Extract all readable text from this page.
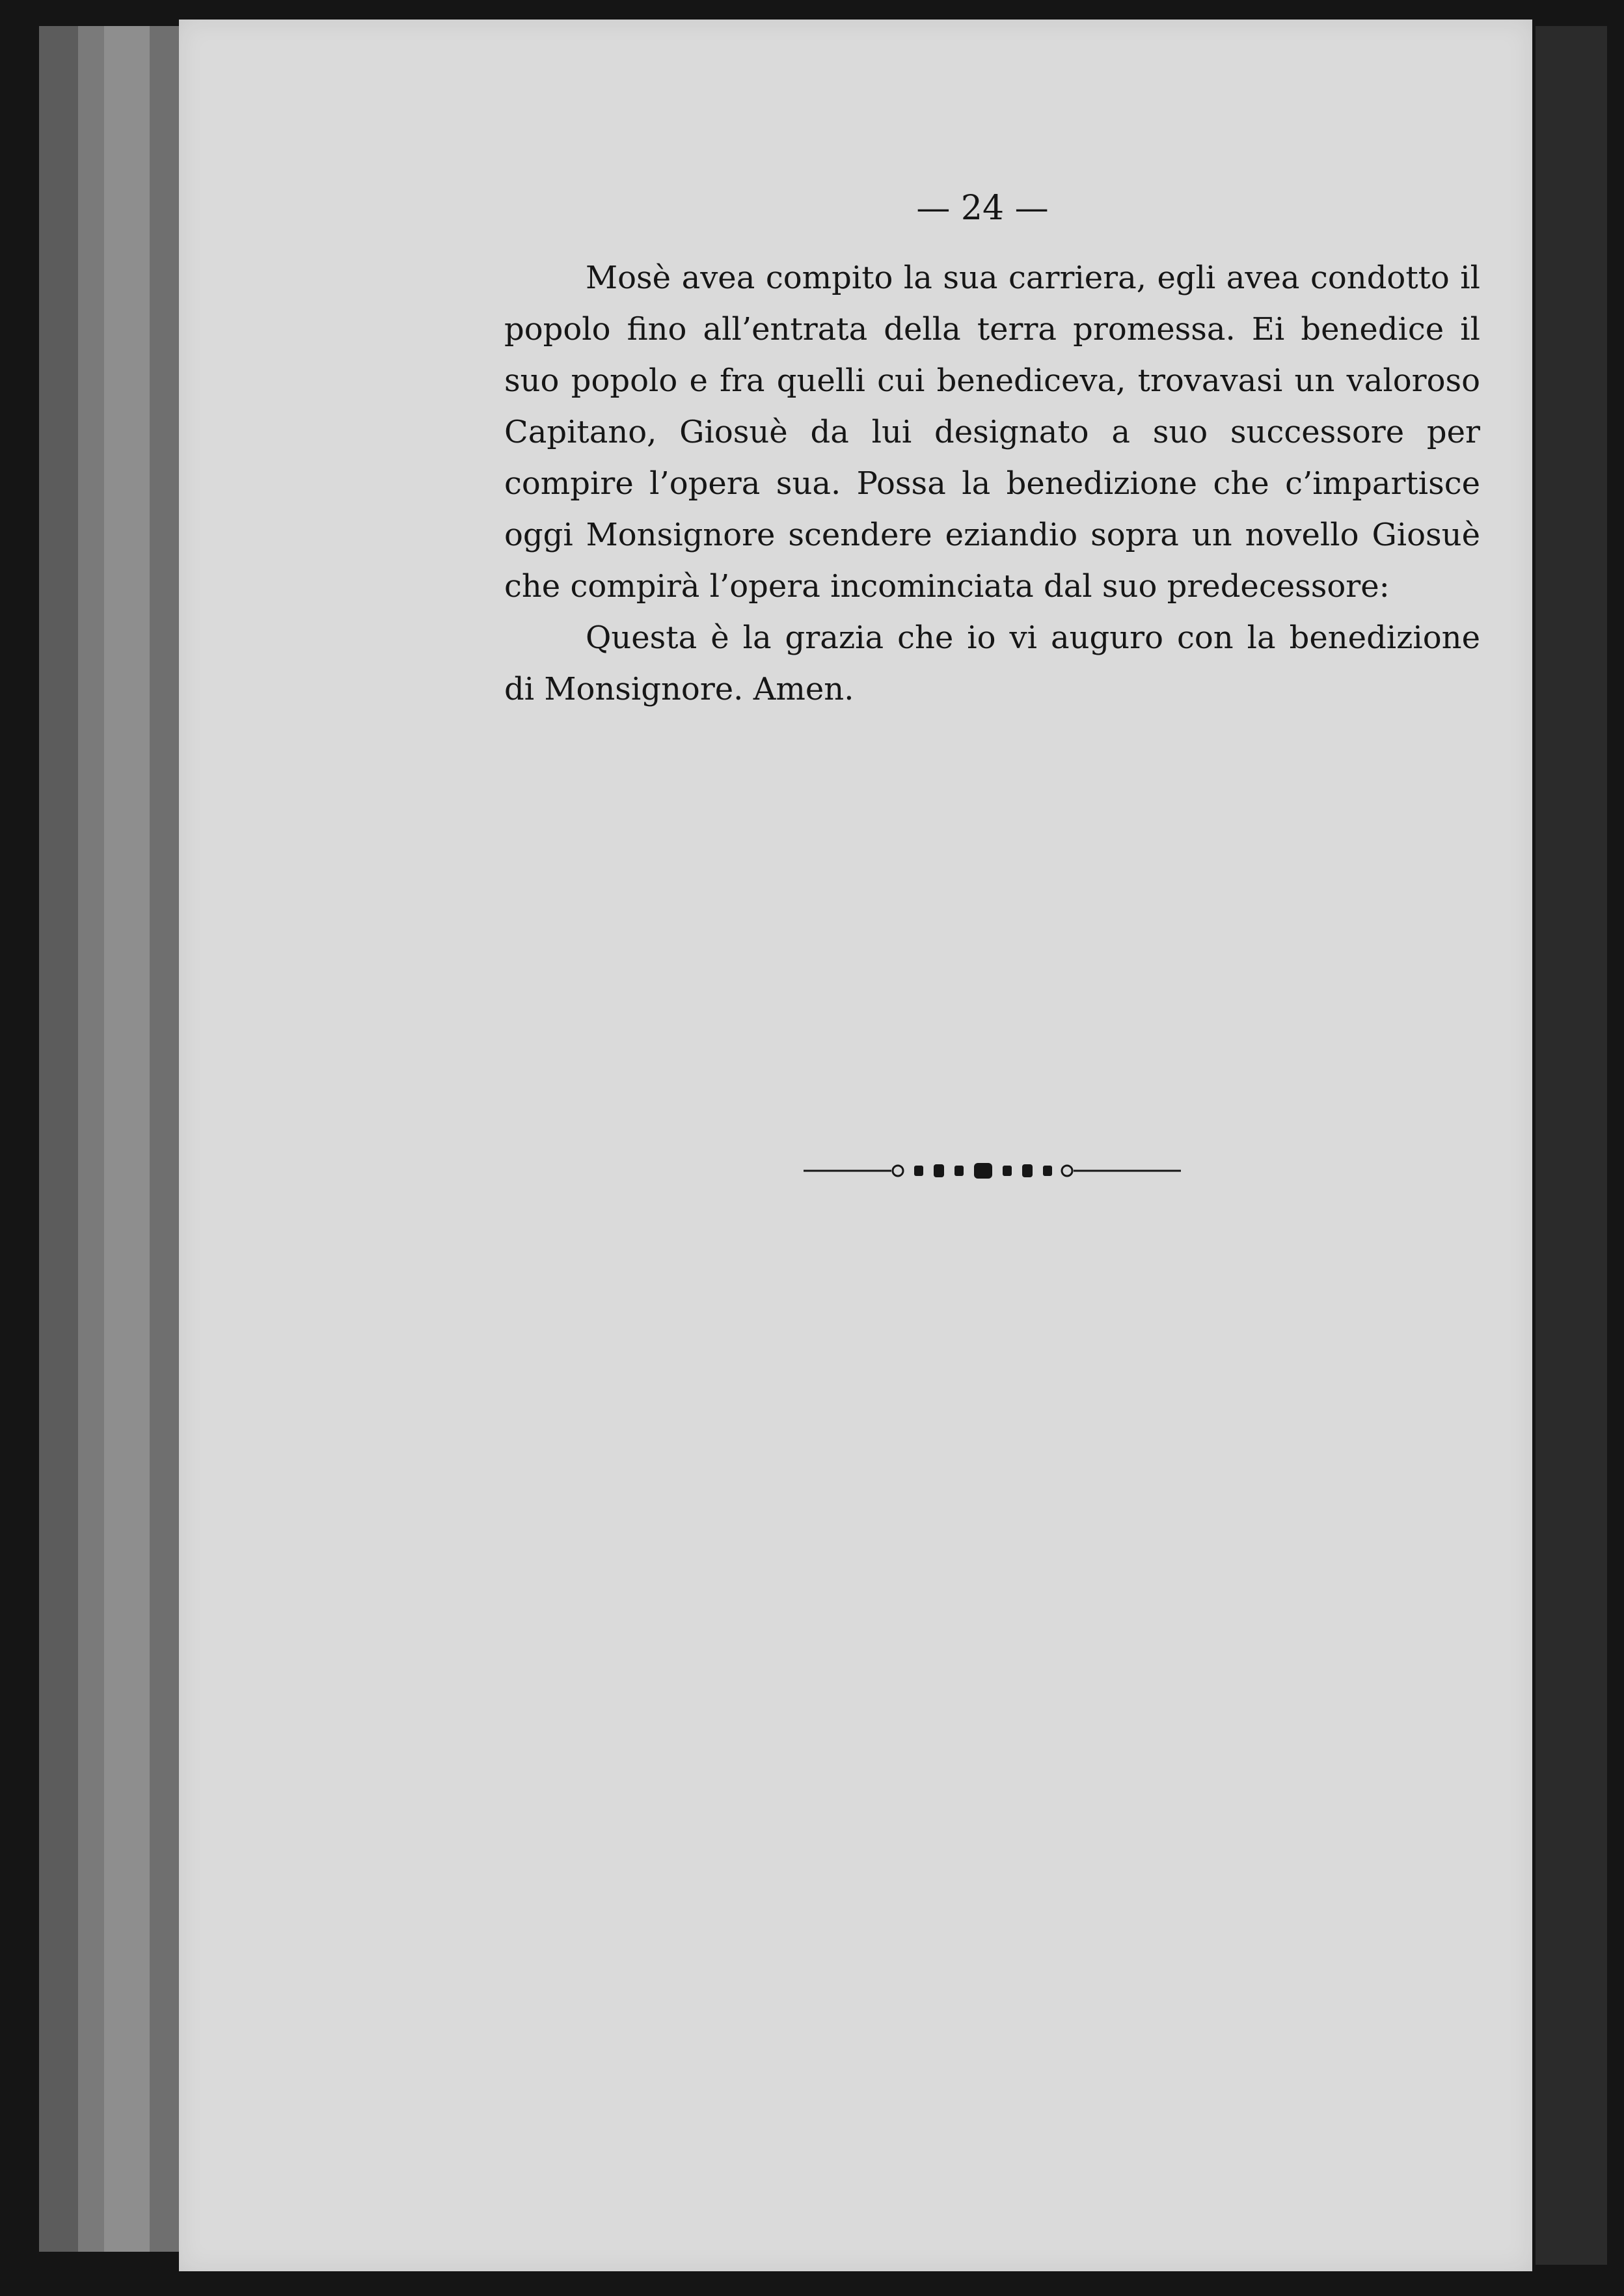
— 24 —

Mosè avea compito la sua carriera, egli avea condotto il popolo fino all’entrata della terra promessa. Ei benedice il suo popolo e fra quelli cui benediceva, trovavasi un valoroso Capitano, Giosuè da lui designato a suo successore per compire l’opera sua. Possa la benedizione che c’impartisce oggi Monsignore scendere eziandio sopra un novello Giosuè che compirà l’opera incominciata dal suo predecessore:

Questa è la grazia che io vi auguro con la benedizione di Monsignore. Amen.
